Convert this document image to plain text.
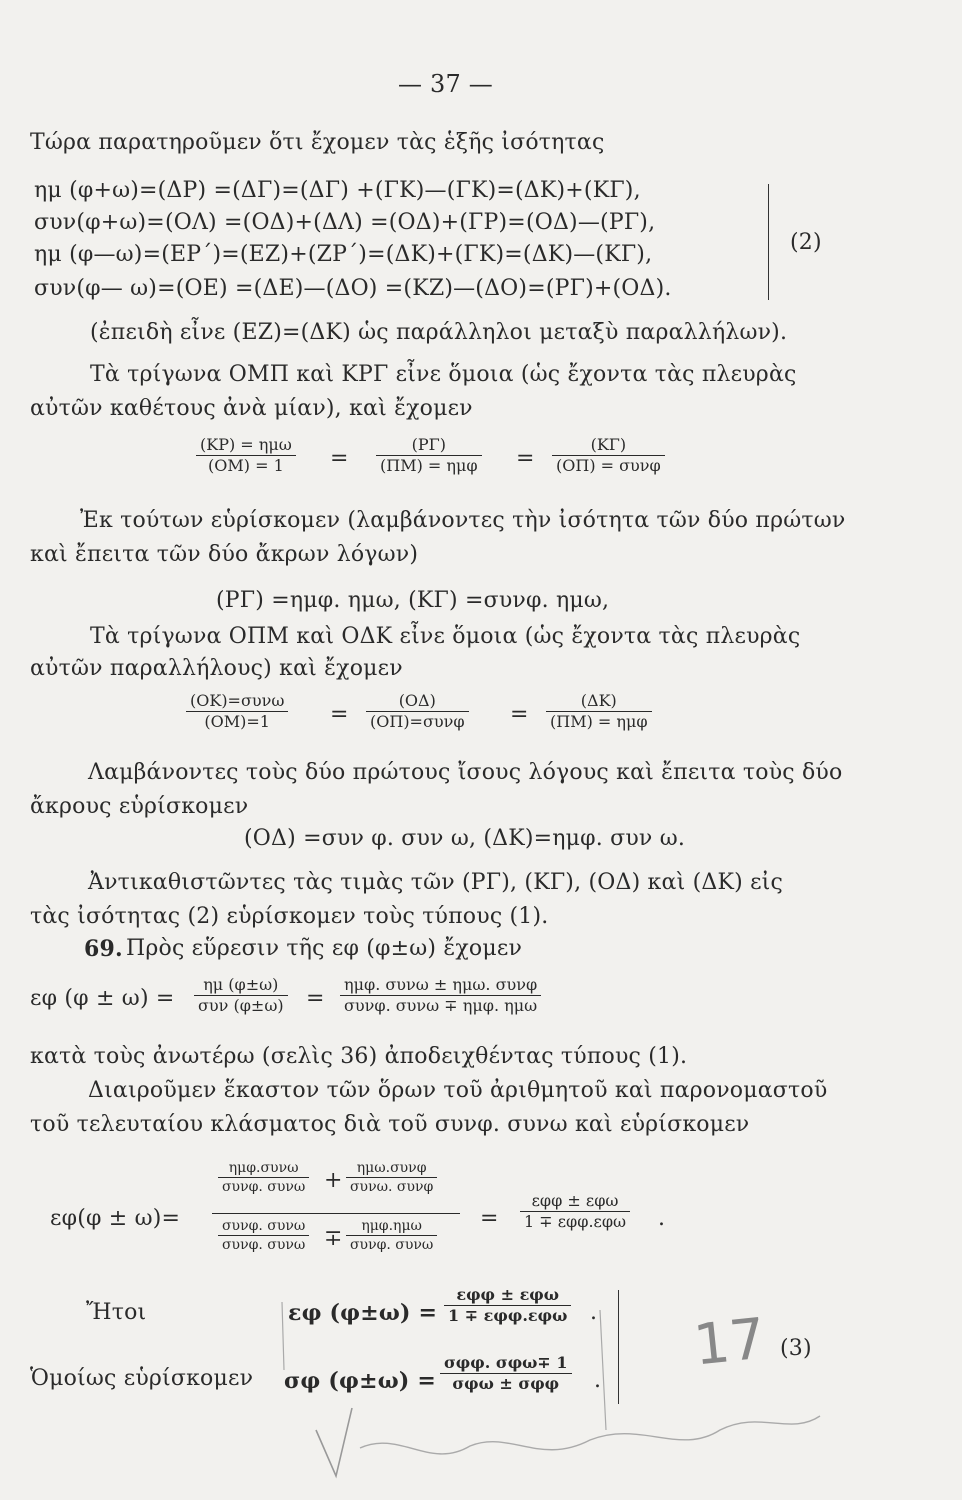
— 37 —
Τώρα παρατηροῦμεν ὅτι ἔχομεν τὰς ἑξῆς ἰσότητας
ημ (φ+ω)=(ΔΡ) =(ΔΓ)=(ΔΓ) +(ΓΚ)—(ΓΚ)=(ΔΚ)+(ΚΓ),
συν(φ+ω)=(ΟΛ) =(ΟΔ)+(ΔΛ) =(ΟΔ)+(ΓΡ)=(ΟΔ)—(ΡΓ),
ημ (φ—ω)=(ΕΡ΄)=(ΕΖ)+(ΖΡ΄)=(ΔΚ)+(ΓΚ)=(ΔΚ)—(ΚΓ),
συν(φ— ω)=(ΟΕ) =(ΔΕ)—(ΔΟ) =(ΚΖ)—(ΔΟ)=(ΡΓ)+(ΟΔ).
(2)
(ἐπειδὴ εἶνε (ΕΖ)=(ΔΚ) ὡς παράλληλοι μεταξὺ παραλλήλων).
Τὰ τρίγωνα ΟΜΠ καὶ ΚΡΓ εἶνε ὅμοια (ὡς ἔχοντα τὰς πλευρὰς
αὐτῶν καθέτους ἀνὰ μίαν), καὶ ἔχομεν
(ΚΡ) = ημω
(ΟΜ) = 1	=
(ΡΓ)
(ΠΜ) = ημφ =
(ΚΓ)
(ΟΠ) = συνφ
Ἐκ τούτων εὑρίσκομεν (λαμβάνοντες τὴν ἰσότητα τῶν δύο πρώτων
καὶ ἔπειτα τῶν δύο ἄκρων λόγων)
(ΡΓ) =ημφ. ημω, (ΚΓ) =συνφ. ημω,
Τὰ τρίγωνα ΟΠΜ καὶ ΟΔΚ εἶνε ὅμοια (ὡς ἔχοντα τὰς πλευρὰς
αὐτῶν παραλλήλους) καὶ ἔχομεν
(ΟΚ)=συνω
(ΟΜ)=1	=
(ΟΔ)
(ΟΠ)=συνφ =
(ΔΚ)
(ΠΜ) = ημφ
Λαμβάνοντες τοὺς δύο πρώτους ἴσους λόγους καὶ ἔπειτα τοὺς δύο
ἄκρους εὑρίσκομεν
(ΟΔ) =συν φ. συν ω, (ΔΚ)=ημφ. συν ω.
Ἀντικαθιστῶντες τὰς τιμὰς τῶν (ΡΓ), (ΚΓ), (ΟΔ) καὶ (ΔΚ) εἰς
τὰς ἰσότητας (2) εὑρίσκομεν τοὺς τύπους (1).
69. Πρὸς εὕρεσιν τῆς εφ (φ±ω) ἔχομεν
εφ (φ ± ω) =
ημ (φ±ω)
συν (φ±ω) =
ημφ. συνω ± ημω. συνφ
συνφ. συνω ∓ ημφ. ημω
κατὰ τοὺς ἀνωτέρω (σελὶς 36) ἀποδειχθέντας τύπους (1).
Διαιροῦμεν ἕκαστον τῶν ὅρων τοῦ ἀριθμητοῦ καὶ παρονομαστοῦ
τοῦ τελευταίου κλάσματος διὰ τοῦ συνφ. συνω καὶ εὑρίσκομεν
εφ(φ ± ω)=
ημφ.συνω
συνφ. συνω +	ημω.συνφ
συνω. συνφ
συνφ. συνω
συνφ. συνω ∓	ημφ.ημω
συνφ. συνω
=
εφφ ± εφω
1 ∓ εφφ.εφω .
Ἤτοι
Ὁμοίως εὑρίσκομεν
εφ (φ±ω) =
εφφ ± εφω
1 ∓ εφφ.εφω .
σφ (φ±ω) =
σφφ. σφω∓ 1
σφω ± σφφ	.
(3)
17
